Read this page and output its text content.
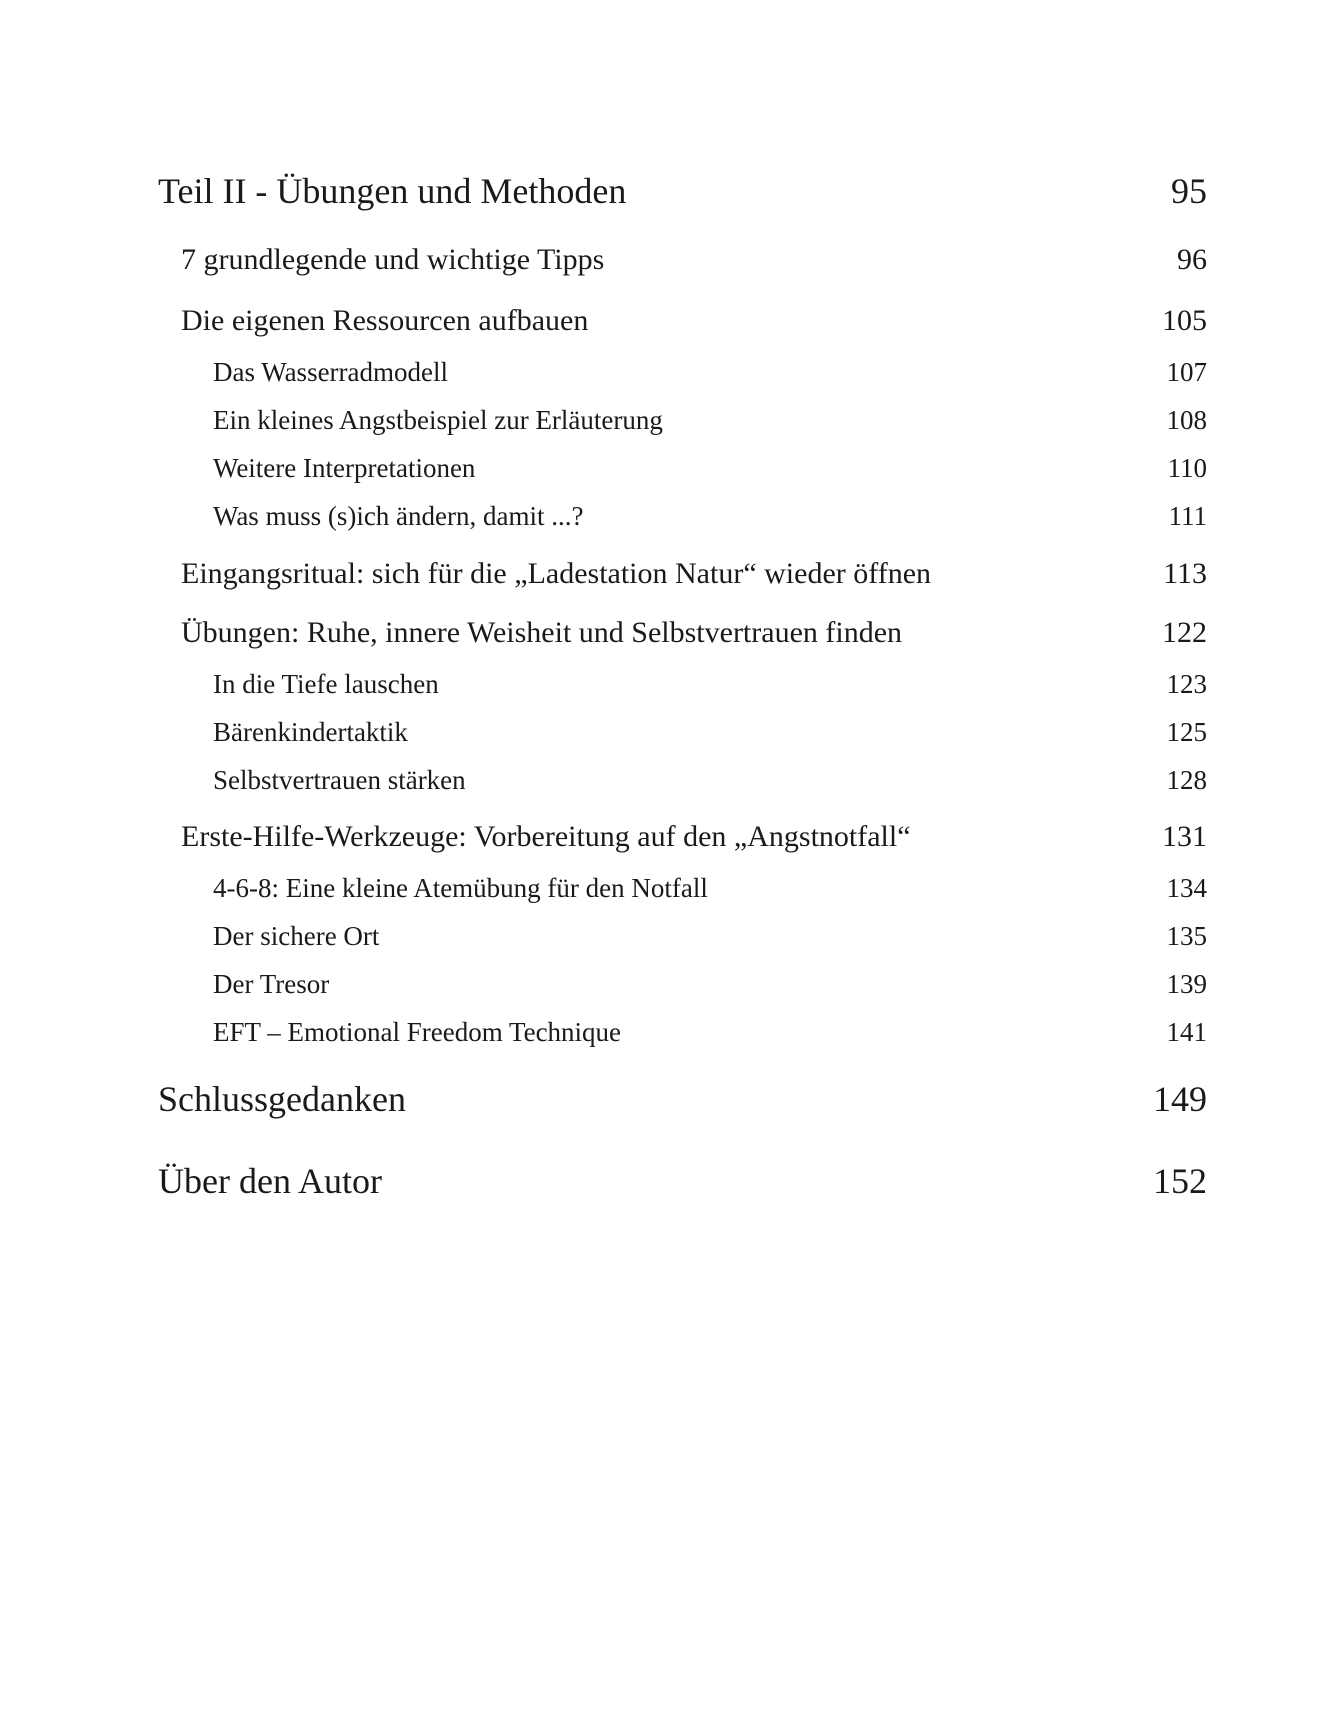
Teil II - Übungen und Methoden	95
7 grundlegende und wichtige Tipps	96
Die eigenen Ressourcen aufbauen	105
Das Wasserradmodell	107
Ein kleines Angstbeispiel zur Erläuterung	108
Weitere Interpretationen	110
Was muss (s)ich ändern, damit ...?	111
Eingangsritual: sich für die „Ladestation Natur“ wieder öffnen	113
Übungen: Ruhe, innere Weisheit und Selbstvertrauen finden	122
In die Tiefe lauschen	123
Bärenkindertaktik	125
Selbstvertrauen stärken	128
Erste-Hilfe-Werkzeuge: Vorbereitung auf den „Angstnotfall“	131
4-6-8: Eine kleine Atemübung für den Notfall	134
Der sichere Ort	135
Der Tresor	139
EFT – Emotional Freedom Technique	141
Schlussgedanken	149
Über den Autor	152
